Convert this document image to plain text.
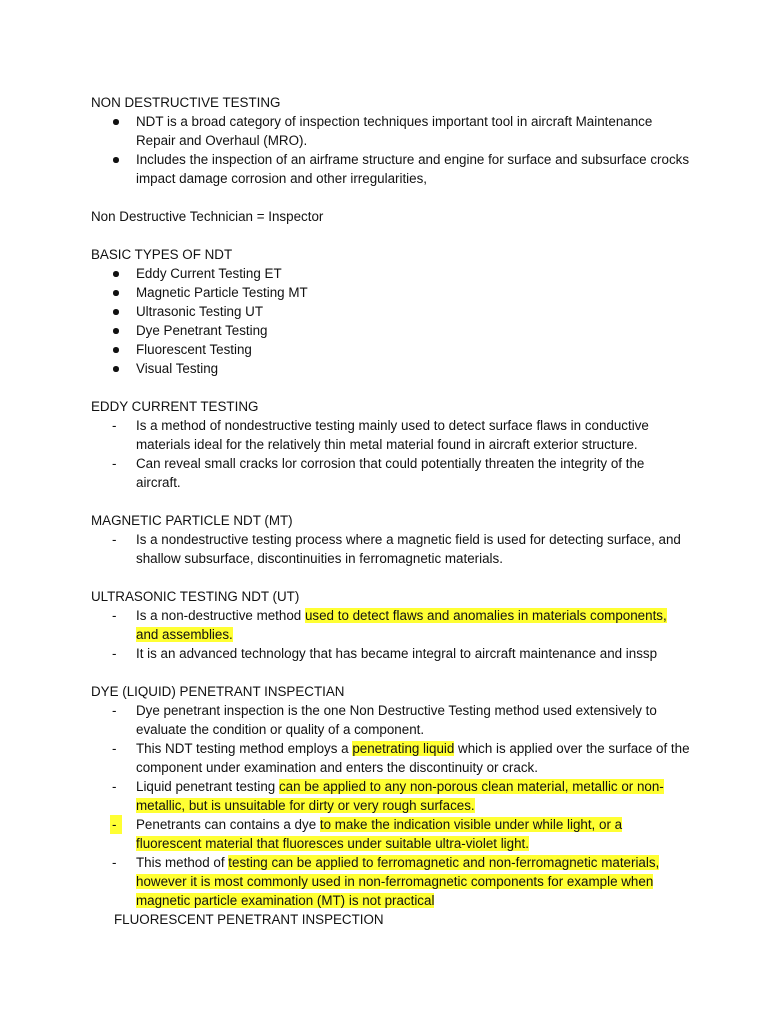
NON DESTRUCTIVE TESTING
NDT is a broad category of inspection techniques important tool in aircraft Maintenance Repair and Overhaul (MRO).
Includes the inspection of an airframe structure and engine for surface and subsurface crocks impact damage corrosion and other irregularities,
Non Destructive Technician = Inspector
BASIC TYPES OF NDT
Eddy Current Testing ET
Magnetic Particle Testing MT
Ultrasonic Testing UT
Dye Penetrant Testing
Fluorescent Testing
Visual Testing
EDDY CURRENT TESTING
- Is a method of nondestructive testing mainly used to detect surface flaws in conductive materials ideal for the relatively thin metal material found in aircraft exterior structure.
- Can reveal small cracks lor corrosion that could potentially threaten the integrity of the aircraft.
MAGNETIC PARTICLE NDT (MT)
- Is a nondestructive testing process where a magnetic field is used for detecting surface, and shallow subsurface, discontinuities in ferromagnetic materials.
ULTRASONIC TESTING NDT (UT)
- Is a non-destructive method used to detect flaws and anomalies in materials components, and assemblies.
- It is an advanced technology that has became integral to aircraft maintenance and inssp
DYE (LIQUID) PENETRANT INSPECTIAN
- Dye penetrant inspection is the one Non Destructive Testing method used extensively to evaluate the condition or quality of a component.
- This NDT testing method employs a penetrating liquid which is applied over the surface of the component under examination and enters the discontinuity or crack.
- Liquid penetrant testing can be applied to any non-porous clean material, metallic or non-metallic, but is unsuitable for dirty or very rough surfaces.
- Penetrants can contains a dye to make the indication visible under while light, or a fluorescent material that fluoresces under suitable ultra-violet light.
- This method of testing can be applied to ferromagnetic and non-ferromagnetic materials, however it is most commonly used in non-ferromagnetic components for example when magnetic particle examination (MT) is not practical
FLUORESCENT PENETRANT INSPECTION
